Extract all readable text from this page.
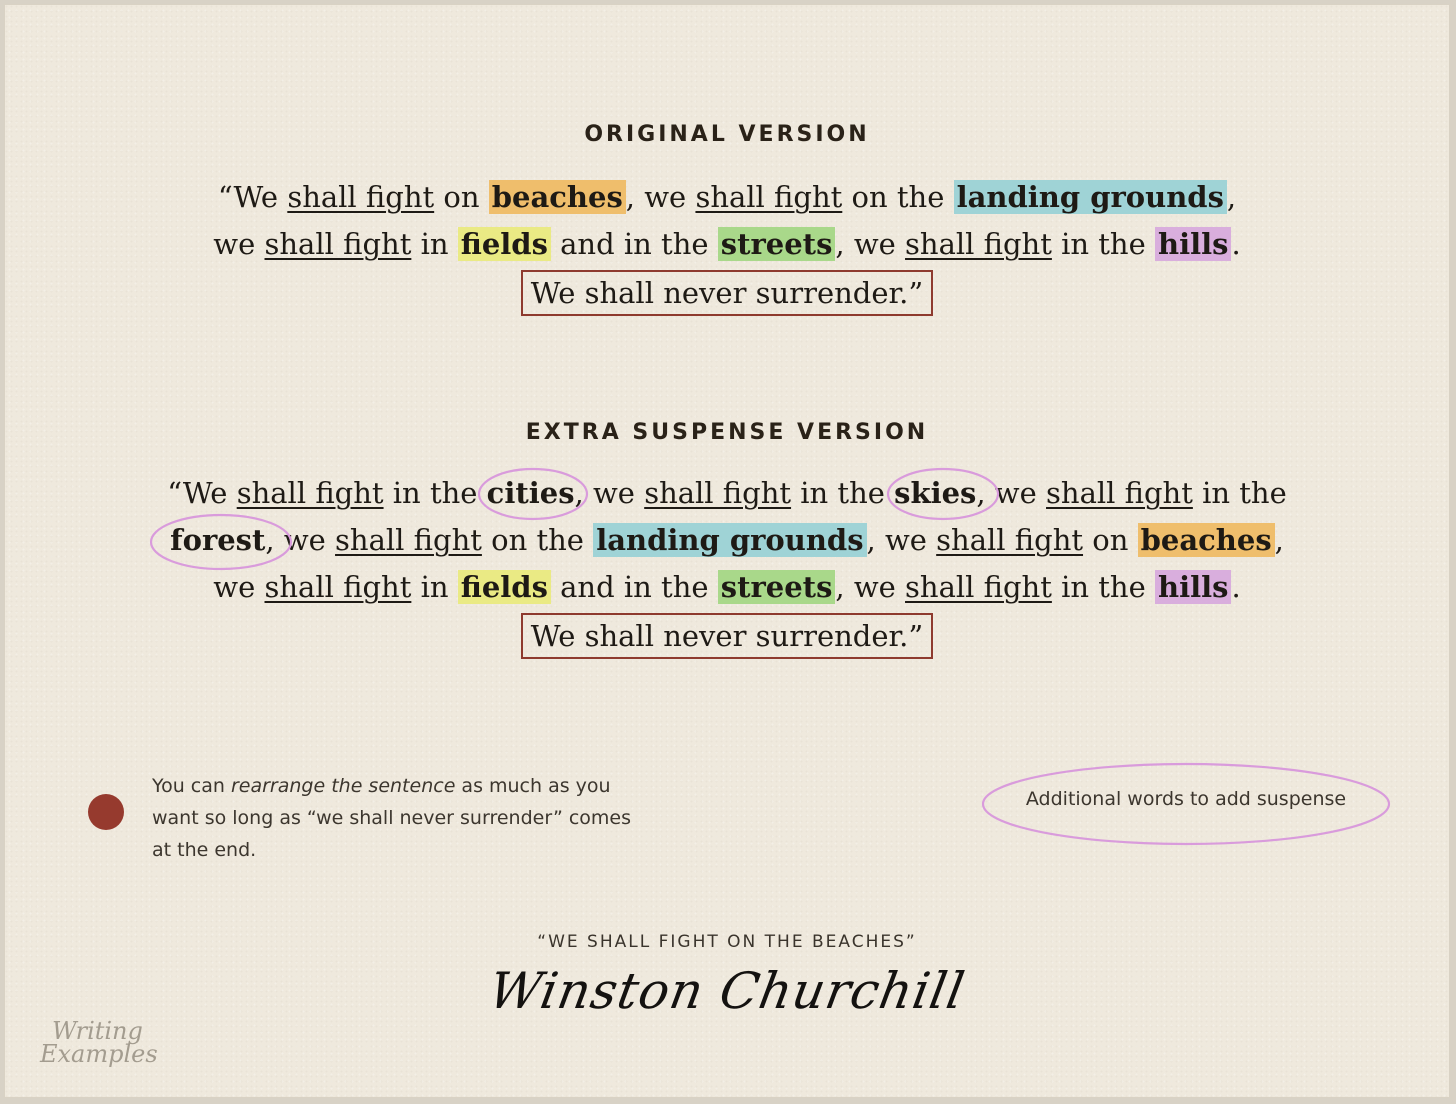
ORIGINAL VERSION
“We shall fight on beaches , we shall fight on the landing grounds ,
we shall fight in fields and in the streets , we shall fight in the hills .
We shall never surrender.”
EXTRA SUSPENSE VERSION
“We shall fight in the
cities, we shall fight in the
skies, we shall fight in the
forest, we shall fight on the landing grounds , we shall fight on beaches ,
we shall fight in fields and in the streets , we shall fight in the hills .
We shall never surrender.”
You can rearrange the sentence as much as you want so long as “we shall never surrender” comes at the end.
Additional words to add suspense
“WE SHALL FIGHT ON THE BEACHES”
Winston Churchill
Writing
Examples
